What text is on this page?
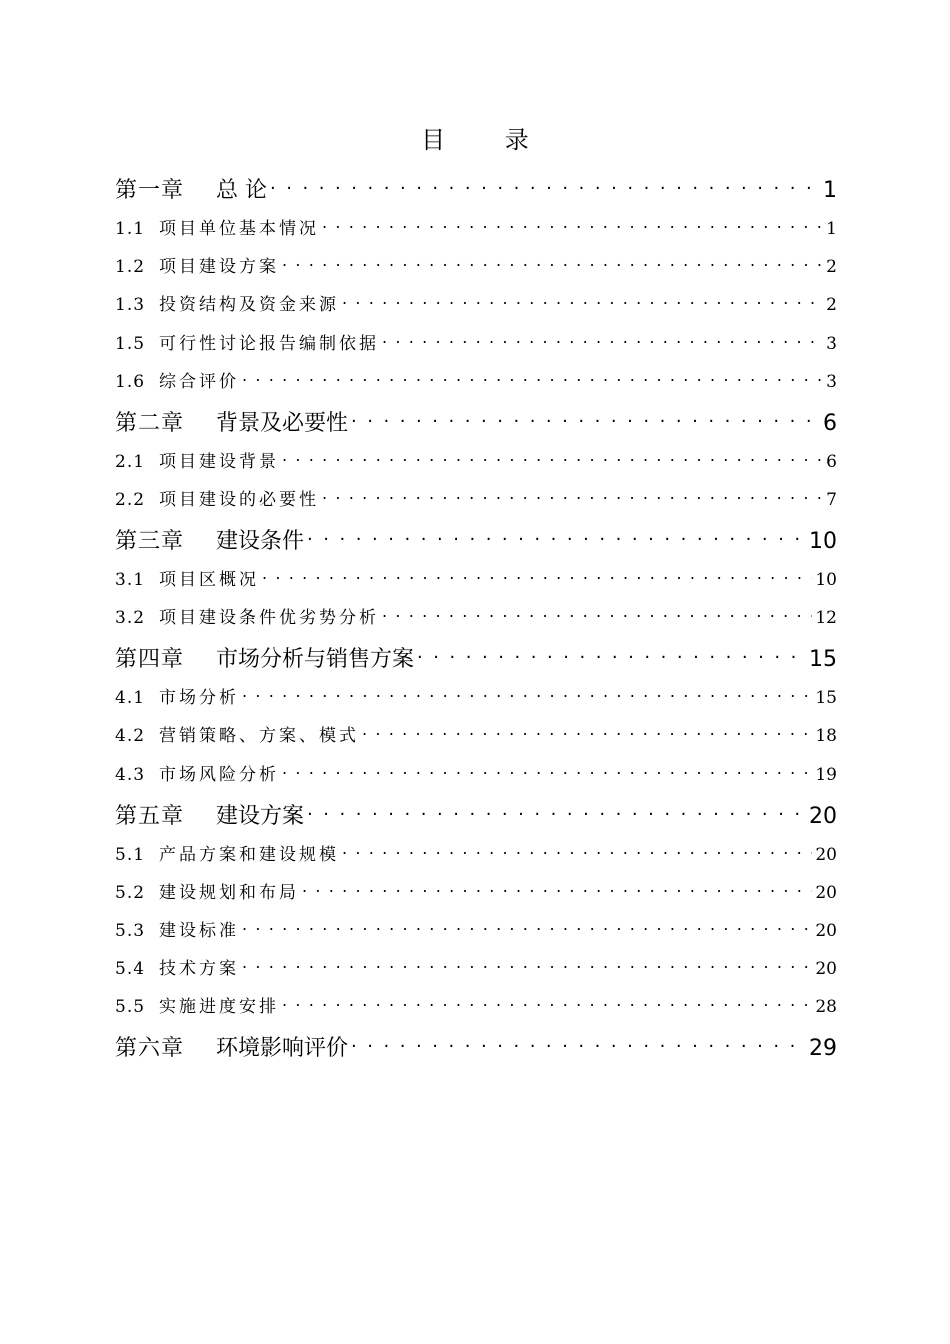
目 录
第一章	总 论 . . .	1
1.1 项目单位基本情况 . . .	1
1.2 项目建设方案 . . .	2
1.3 投资结构及资金来源 . . .	2
1.5 可行性讨论报告编制依据 . . .	3
1.6 综合评价 . . .	3
第二章	背景及必要性 . . .	6
2.1 项目建设背景 . . .	6
2.2 项目建设的必要性 . . .	7
第三章	建设条件 . . .	10
3.1 项目区概况 . . .	10
3.2 项目建设条件优劣势分析 . . .	12
第四章	市场分析与销售方案 . . .	15
4.1 市场分析 . . .	15
4.2 营销策略、方案、模式 . . .	18
4.3 市场风险分析 . . .	19
第五章	建设方案 . . .	20
5.1 产品方案和建设规模 . . .	20
5.2 建设规划和布局 . . .	20
5.3 建设标准 . . .	20
5.4 技术方案 . . .	20
5.5 实施进度安排 . . .	28
第六章	环境影响评价 . . .	29
